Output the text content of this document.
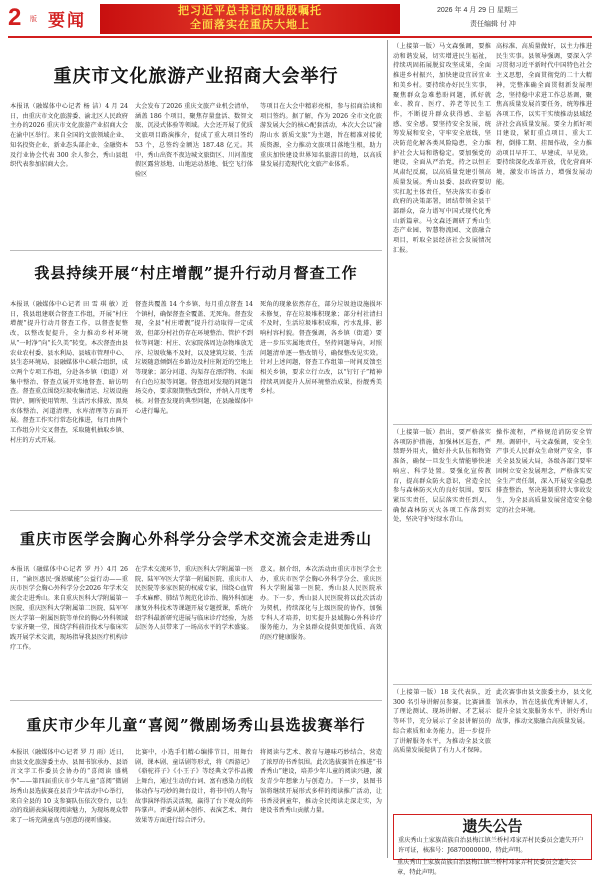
2 版 要闻
把习近平总书记的殷殷嘱托
全面落实在重庆大地上
2026 年 4 月 29 日 星期三
责任编辑 付 冲
重庆市文化旅游产业招商大会举行
本报讯（融媒体中心记者 杨 洁）4 月 24 日，由重庆市文化旅游委、渝北区人民政府主办的2026 重庆市文化旅游产业招商大会在渝中区举行。来自全国的文旅领域企业、知名投资企业、新业态头部企业、金融资本及行业协会代表 300 余人参会，秀山县组织代表参加招商大会。
大会发布了2026 重庆文旅产业机会清单，涵盖 186 个项目，聚焦存量盘活、数智文旅、沉浸式体验等领域。大会还开展了优质文旅项目路演推介，促成了重大项目签约 53 个，总签约金额达 187.48 亿元。其中，秀山出资不夜边城文旅街区、川河盖度假区露营基地、山地运动基地、低空飞行体验区
等项目在大会中精彩亮相，参与招商洽谈和项目签约。据了解，作为 2026 全市文化旅游发展大会的核心配套活动，本次大会以“渝韵山水 新质文旅”为主题，旨在精准对接优质资源，全力推动文旅项目落地生根，助力重庆加快建设世界知名旅游目的地，以高质量发展打造现代化文旅产业体系。
我县持续开展“村庄增靓”提升行动月督查工作
本报讯（融媒体中心记者 田 雪 琪 敏）近日，我县组建联合督查工作组，开展“村庄增靓”提升行动月督查工作，以督查促整改，以整改促提升，全力推动乡村环境从“一时净”向“长久美”转变。本次督查由县农业农村委、县水利局、县城市管理中心、县生态环境局、县融媒体中心联合组织，成立两个专项工作组，分赴各乡镇（街道）对集中整治、督查点展开实地督查、暗访明查。督查重点围绕垃圾收集清运、垃圾设施管护、厕所使用管理、生活污水排放、黑臭水体整治、河道清理、水库清理等方面开展。督查工作实行常态化推进，每月由两个工作组分片交叉督查，采取随机抽取乡镇、村庄的方式开展。
督查共覆盖 14 个乡镇、每月重点督查 14 个镇村，确保督查全覆盖、无死角。督查发现，全县“村庄增靓”提升行动取得一定成效，但部分村社仍存在环境整治、管护不到位等问题：村庄、农家院落周边杂物堆放无序、垃圾收集不及时，以及建筑垃圾、生活垃圾随意倾倒在乡路边及村庄附近的空地上等现象；部分河道、沟渠存在漂浮物、水面有白色垃圾等问题。督查组对发现的问题当场交办，要求限期整改到位，并纳入月度考核。对督查发现的典型问题，在县融媒体中心进行曝光。
死角的现象依然存在，部分垃圾池设施损坏未修复，存在垃圾堆积现象；部分村社清扫不及时，生活垃圾堆积成堆，污水乱排、影响村容村貌。督查强调，各乡镇（街道）要进一步压实属地责任，坚持问题导向，对照问题清单逐一整改销号，确保整改见实效。针对上述问题，督查工作组第一时间反馈至相关乡镇，要求立行立改，以“钉钉子”精神持续巩固提升人居环境整治成果，扮靓秀美乡村。
重庆市医学会胸心外科学分会学术交流会走进秀山
本报讯（融媒体中心记者 罗 丹）4月 26 日，“渝医惠民·强基赋能”公益行动——重庆市医学会胸心外科学分会2026 年学术交流会走进秀山。来自重庆医科大学附属第一医院、重庆医科大学附属第二医院、陆军军医大学第一附属医院等单位的胸心外科领域专家齐聚一堂，围绕学科前沿技术与临床实践开展学术交流，现场指导我县医疗机构诊疗工作。
在学术交流环节，重庆医科大学附属第一医院、陆军军医大学第一附属医院、重庆市人民医院等多家医院的权威专家，围绕心血管手术麻醉、肺结节规范化诊治、胸外科加速康复外科技术等课题开展专题授课，系统介绍学科最新研究进展与临床诊疗经验，为基层医务人员带来了一场高水平的学术盛宴。
意义。据介绍，本次活动由重庆市医学会主办，重庆市医学会胸心外科学分会、重庆医科大学附属第一医院、秀山县人民医院承办。下一步，秀山县人民医院将以此次活动为契机，持续深化与上级医院的协作，加强专科人才培养，切实提升县域胸心外科诊疗服务能力，为全县群众提供更加优质、高效的医疗健康服务。
重庆市少年儿童“喜阅”微剧场秀山县选拔赛举行
本报讯（融媒体中心记者 罗 月 雨）近日，由县文化旅游委主办、县图书馆承办、县语言文字工作委员会协办的“喜阅读 盛桃李”——第四届重庆市少年儿童“喜阅”微剧场秀山县选拔赛在县青少年活动中心举行，来自全县的 10 支参赛队伍依次登台，以生动的戏剧表演展现阅读魅力，为现场观众带来了一场充满童真与创意的视听盛宴。
比赛中，小选手们精心编排节目，用舞台剧、课本剧、童话剧等形式，将《西游记》《骆驼祥子》《小王子》等经典文学作品搬上舞台，通过生动的台词、富有感染力的肢体动作与巧妙的舞台设计，将书中的人物与故事演绎得活灵活现，赢得了台下观众的阵阵掌声。评委从剧本创作、表演艺术、舞台效果等方面进行综合评分。
将阅读与艺术、教育与趣味巧妙结合，营造了浓厚的书香氛围。此次选拔赛旨在推进“书香秀山”建设，培养少年儿童的阅读兴趣，激发青少年想象力与创造力。下一步，县图书馆将继续开展形式多样的阅读推广活动，让书香浸润童年，推动全民阅读走深走实，为建设书香秀山贡献力量。
（上接第一版）马文森强调，要推动和谐发展，切实增进民生福祉，持续巩固拓展脱贫攻坚成果，全面推进乡村振兴，加快建设宜居宜业和美乡村。要持续办好民生实事，聚焦群众急难愁盼问题，抓好就业、教育、医疗、养老等民生工作，不断提升群众获得感、幸福感、安全感。要坚持安全发展，统筹发展和安全，守牢安全底线，坚决防范化解各类风险隐患，全力维护社会大局和谐稳定。要加强党的建设，全面从严治党，持之以恒正风肃纪反腐，以高质量党建引领高质量发展。秀山县委、县政府要切实扛起主体责任，坚决落实市委市政府的决策部署，团结带领全县干部群众，奋力谱写中国式现代化秀山新篇章。马文森还调研了秀山生态产业园、智慧物流园、文旅融合项目，听取全县经济社会发展情况汇报。
高标准、高质量做好，以主力推进民生实事。县领导强调，要深入学习贯彻习近平新时代中国特色社会主义思想，全面贯彻党的二十大精神，完整准确全面贯彻新发展理念，坚持稳中求进工作总基调，聚焦高质量发展首要任务，统筹推进各项工作，以实干实绩推动县域经济社会高质量发展。要全力抓好项目建设，紧盯重点项目、重大工程，倒排工期、挂图作战，全力推动项目早开工、早建成、早见效。要持续深化改革开放，优化营商环境，激发市场活力，增强发展动能。
（上接第一版）指出，要严格落实各项防护措施，加强林区巡查，严禁野外用火，做好扑火队伍和物资准备，确保一旦发生火情能够快速响应、科学处置。要强化宣传教育，提高群众防火意识，营造全民参与森林防灭火的良好氛围。要压紧压实责任，层层落实责任到人，确保森林防灭火各项工作落到实处，坚决守护好绿水青山。
操作流程，严格规范消防安全管理。调研中，马文森强调，安全生产事关人民群众生命财产安全，事关全县发展大局，各级各部门要牢固树立安全发展理念，严格落实安全生产责任制，深入开展安全隐患排查整治，坚决遏制重特大事故发生，为全县高质量发展营造安全稳定的社会环境。
（上接第一版）18 支代表队，近300 名引导讲解员参赛。比赛涵盖了理论测试、现场讲解、才艺展示等环节，充分展示了全县讲解员的综合素质和业务能力，进一步提升了讲解服务水平，为推动全县文旅高质量发展提供了有力人才保障。
此次赛事由县文旅委主办，县文化馆承办，旨在选拔优秀讲解人才，提升全县文旅服务水平，讲好秀山故事，推动文旅融合高质量发展。
遗失公告
重庆秀山土家族苗族自治县梅江镇兰桥村邓家弄村民委员会遗失开户许可证，核准号：J6870000000，特此声明。
重庆秀山土家族苗族自治县梅江镇兰桥村邓家弄村民委员会遗失公章，特此声明。
